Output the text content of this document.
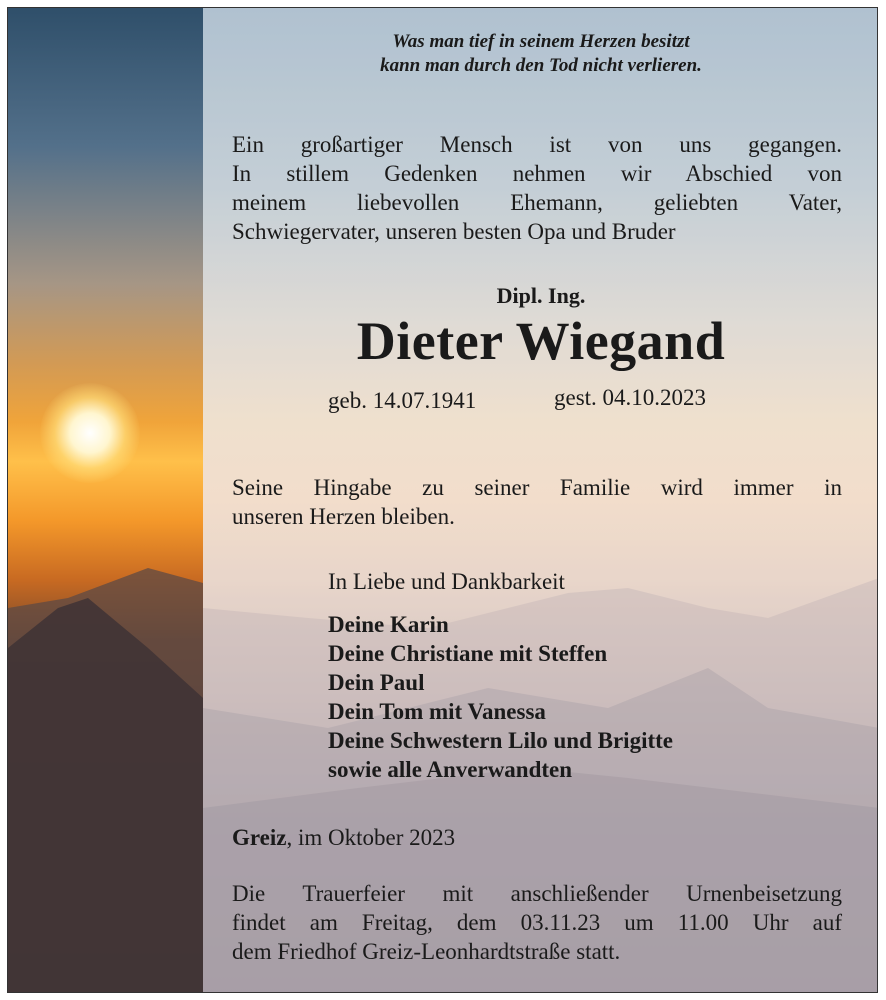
Was man tief in seinem Herzen besitzt

kann man durch den Tod nicht verlieren.

Ein großartiger Mensch ist von uns gegangen.

In stillem Gedenken nehmen wir Abschied von

meinem liebevollen Ehemann, geliebten Vater,

Schwiegervater, unseren besten Opa und Bruder

Dipl. Ing.

Dieter Wiegand

geb. 14.07.1941	gest. 04.10.2023

Seine Hingabe zu seiner Familie wird immer in

unseren Herzen bleiben.

In Liebe und Dankbarkeit

Deine Karin

Deine Christiane mit Steffen

Dein Paul

Dein Tom mit Vanessa

Deine Schwestern Lilo und Brigitte

sowie alle Anverwandten

Greiz, im Oktober 2023

Die Trauerfeier mit anschließender Urnenbeisetzung

findet am Freitag, dem 03.11.23 um 11.00 Uhr auf

dem Friedhof Greiz-Leonhardtstraße statt.
